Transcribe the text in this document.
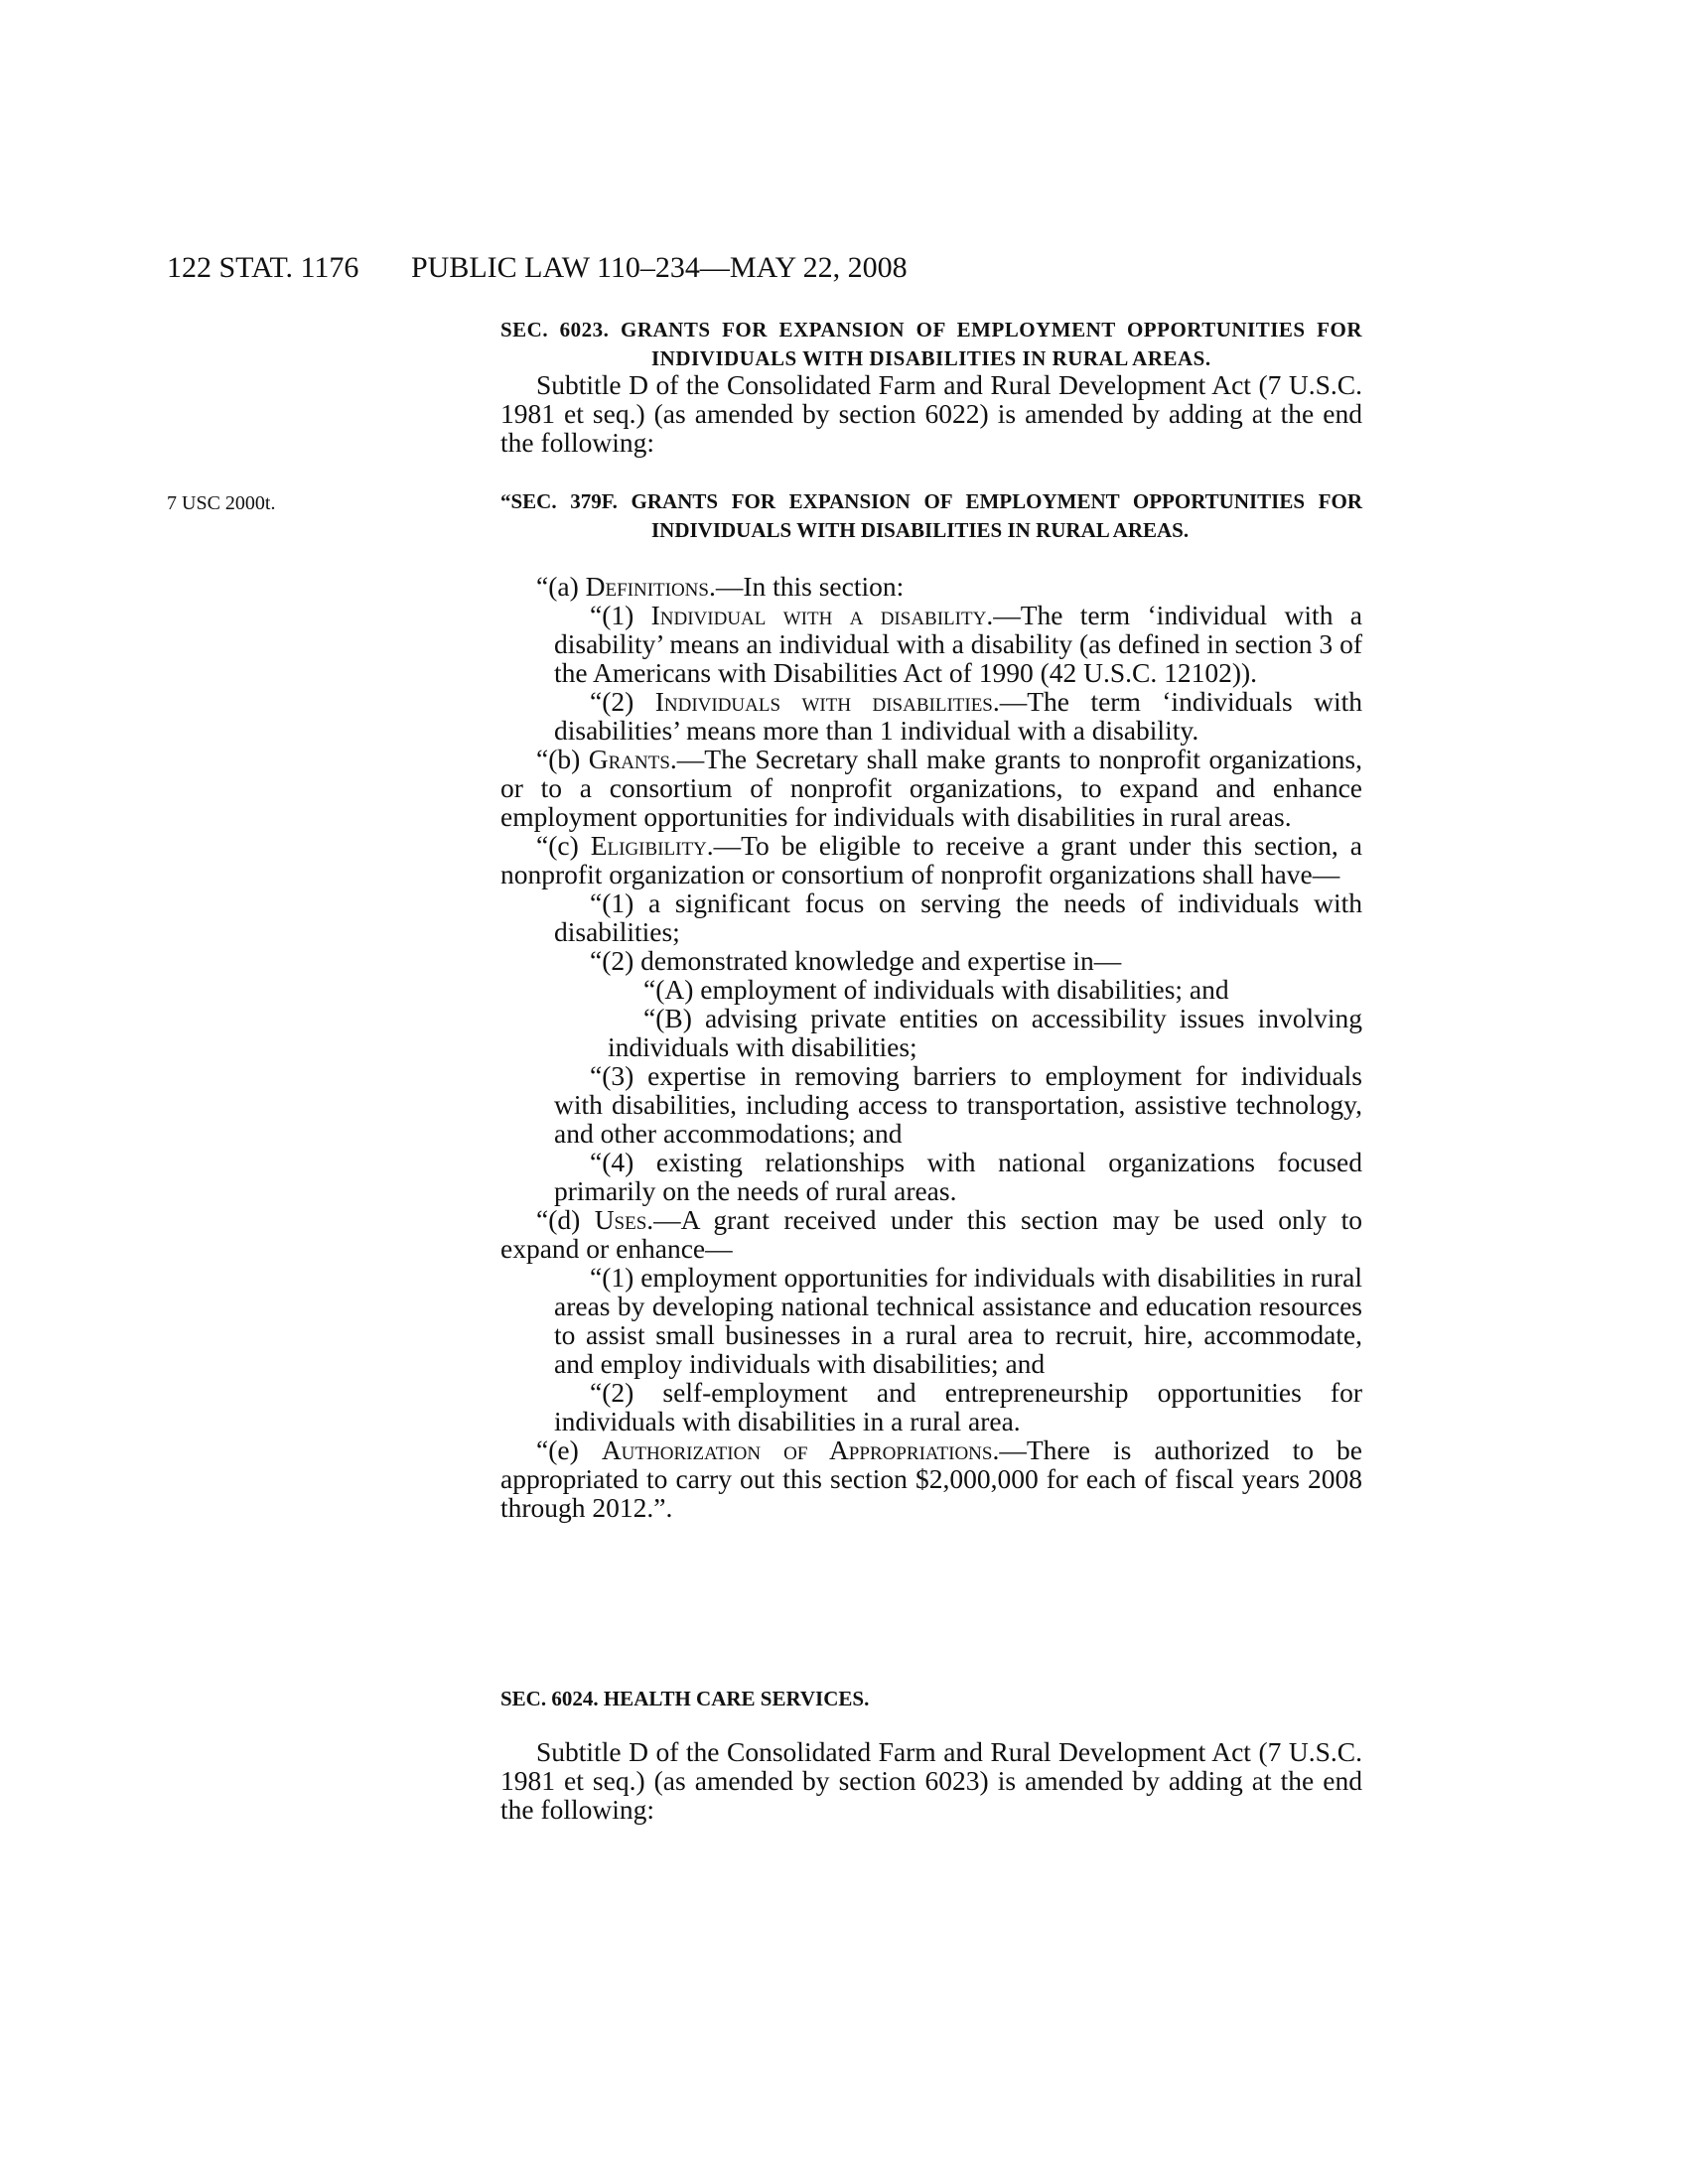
122 STAT. 1176 PUBLIC LAW 110–234—MAY 22, 2008

SEC. 6023. GRANTS FOR EXPANSION OF EMPLOYMENT OPPORTUNITIES FOR INDIVIDUALS WITH DISABILITIES IN RURAL AREAS.

Subtitle D of the Consolidated Farm and Rural Development Act (7 U.S.C. 1981 et seq.) (as amended by section 6022) is amended by adding at the end the following:

7 USC 2000t.	“SEC. 379F. GRANTS FOR EXPANSION OF EMPLOYMENT OPPORTUNITIES FOR INDIVIDUALS WITH DISABILITIES IN RURAL AREAS.

“(a) Definitions.—In this section:

“(1) Individual with a disability.—The term ‘individual with a disability’ means an individual with a disability (as defined in section 3 of the Americans with Disabilities Act of 1990 (42 U.S.C. 12102)).

“(2) Individuals with disabilities.—The term ‘individuals with disabilities’ means more than 1 individual with a disability.

“(b) Grants.—The Secretary shall make grants to nonprofit organizations, or to a consortium of nonprofit organizations, to expand and enhance employment opportunities for individuals with disabilities in rural areas.

“(c) Eligibility.—To be eligible to receive a grant under this section, a nonprofit organization or consortium of nonprofit organizations shall have—

“(1) a significant focus on serving the needs of individuals with disabilities;

“(2) demonstrated knowledge and expertise in—

“(A) employment of individuals with disabilities; and

“(B) advising private entities on accessibility issues involving individuals with disabilities;

“(3) expertise in removing barriers to employment for individuals with disabilities, including access to transportation, assistive technology, and other accommodations; and

“(4) existing relationships with national organizations focused primarily on the needs of rural areas.

“(d) Uses.—A grant received under this section may be used only to expand or enhance—

“(1) employment opportunities for individuals with disabilities in rural areas by developing national technical assistance and education resources to assist small businesses in a rural area to recruit, hire, accommodate, and employ individuals with disabilities; and

“(2) self-employment and entrepreneurship opportunities for individuals with disabilities in a rural area.

“(e) Authorization of Appropriations.—There is authorized to be appropriated to carry out this section $2,000,000 for each of fiscal years 2008 through 2012.”.

SEC. 6024. HEALTH CARE SERVICES.

Subtitle D of the Consolidated Farm and Rural Development Act (7 U.S.C. 1981 et seq.) (as amended by section 6023) is amended by adding at the end the following:
